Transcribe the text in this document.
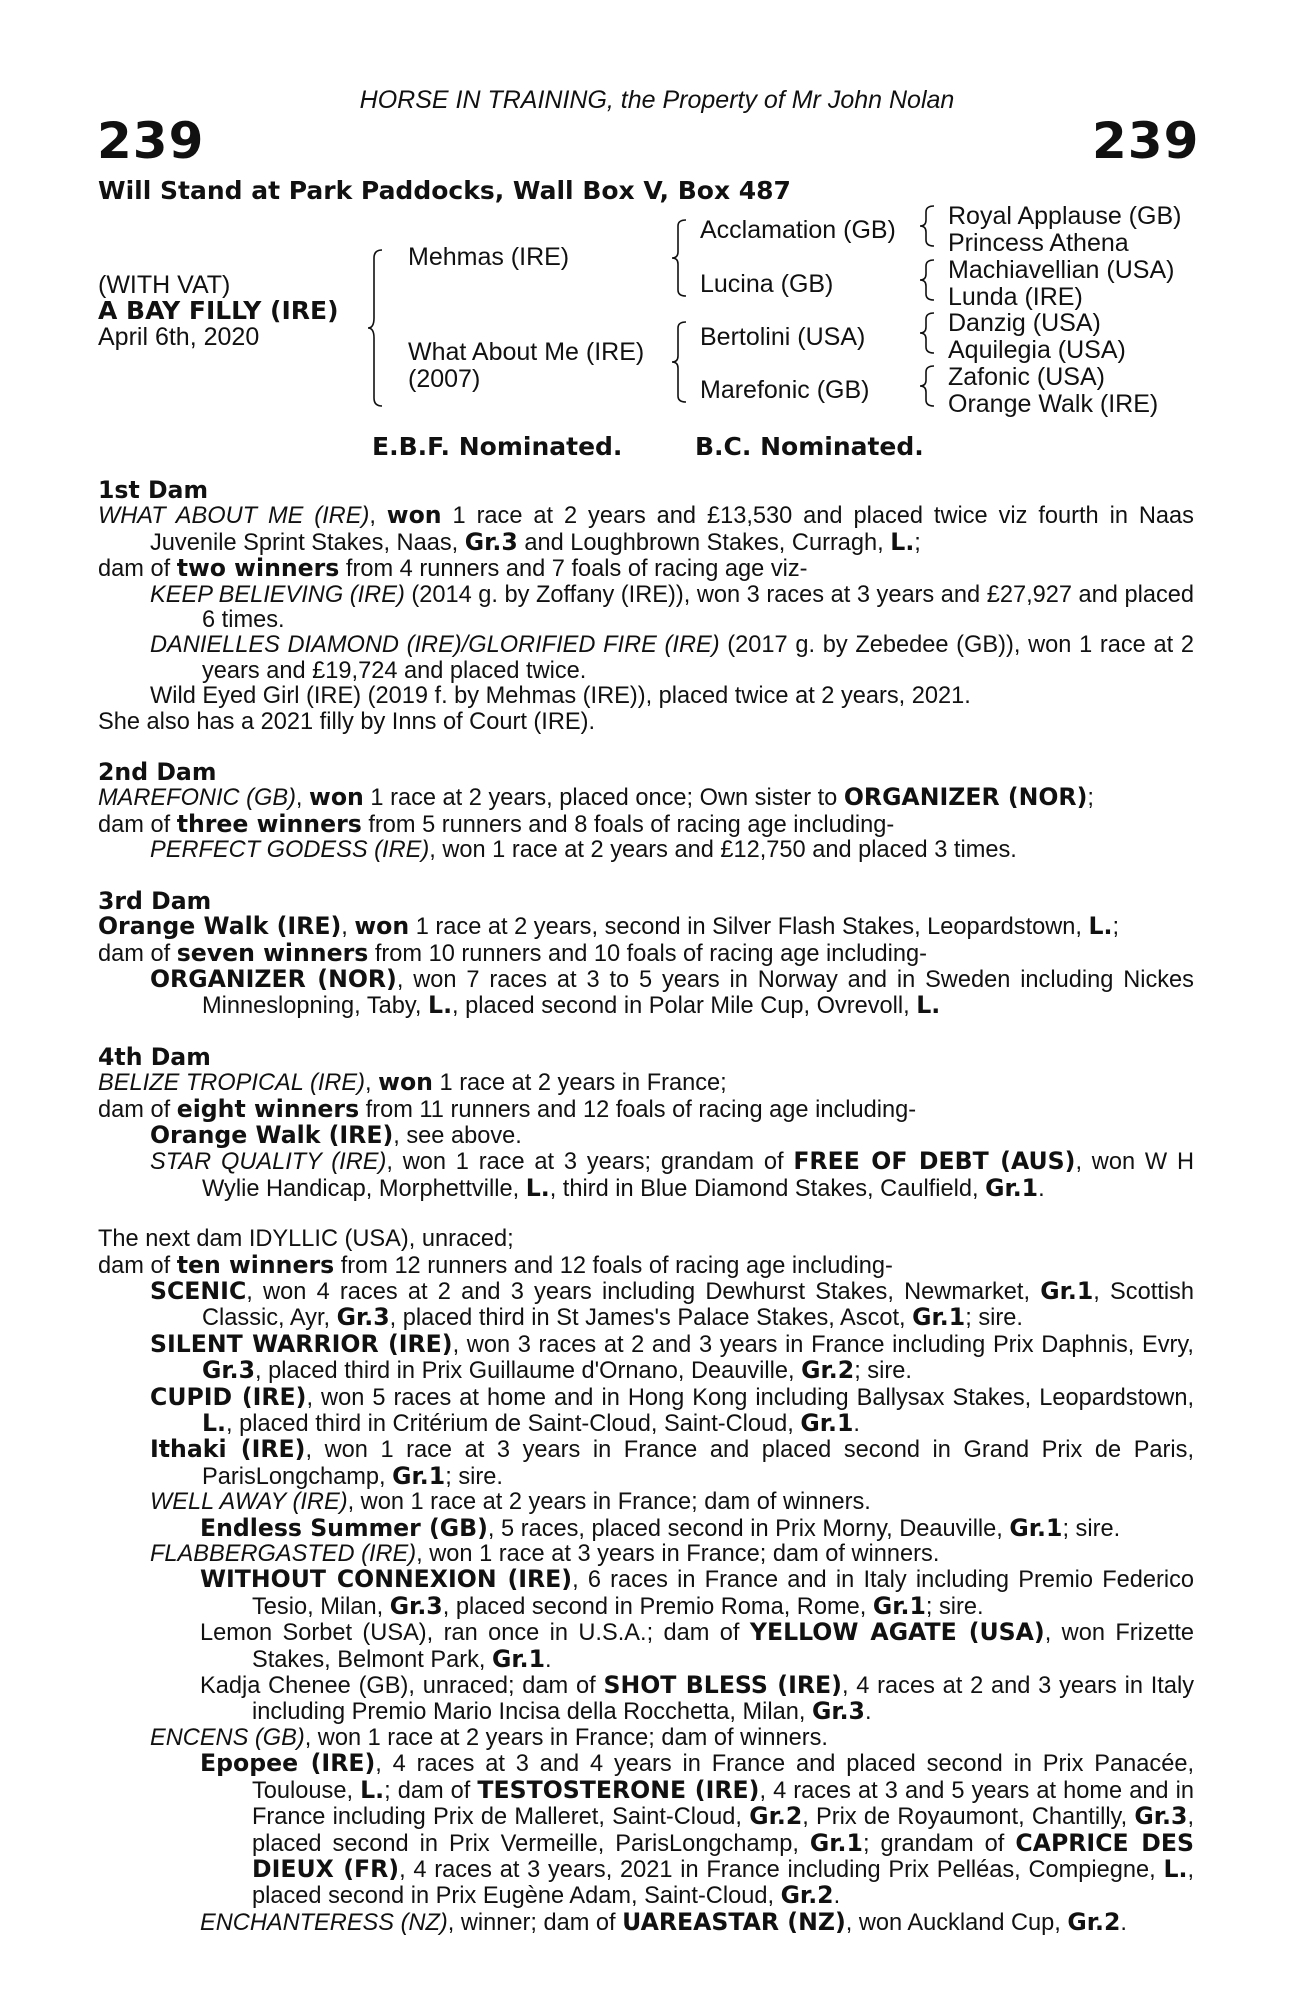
HORSE IN TRAINING, the Property of Mr John Nolan
239	239
Will Stand at Park Paddocks, Wall Box V, Box 487
(WITH VAT)
A BAY FILLY (IRE)
April 6th, 2020
Mehmas (IRE)
What About Me (IRE)
(2007)
Acclamation (GB)
Lucina (GB)
Bertolini (USA)
Marefonic (GB)
Royal Applause (GB)
Princess Athena
Machiavellian (USA)
Lunda (IRE)
Danzig (USA)
Aquilegia (USA)
Zafonic (USA)
Orange Walk (IRE)
E.B.F. Nominated.	B.C. Nominated.

1st Dam

WHAT ABOUT ME (IRE), won 1 race at 2 years and £13,530 and placed twice viz fourth in Naas Juvenile Sprint Stakes, Naas, Gr.3 and Loughbrown Stakes, Curragh, L.;

dam of two winners from 4 runners and 7 foals of racing age viz-

KEEP BELIEVING (IRE) (2014 g. by Zoffany (IRE)), won 3 races at 3 years and £27,927 and placed 6 times.

DANIELLES DIAMOND (IRE)/GLORIFIED FIRE (IRE) (2017 g. by Zebedee (GB)), won 1 race at 2 years and £19,724 and placed twice.

Wild Eyed Girl (IRE) (2019 f. by Mehmas (IRE)), placed twice at 2 years, 2021.

She also has a 2021 filly by Inns of Court (IRE).

2nd Dam

MAREFONIC (GB), won 1 race at 2 years, placed once; Own sister to ORGANIZER (NOR);

dam of three winners from 5 runners and 8 foals of racing age including-

PERFECT GODESS (IRE), won 1 race at 2 years and £12,750 and placed 3 times.

3rd Dam

Orange Walk (IRE), won 1 race at 2 years, second in Silver Flash Stakes, Leopardstown, L.;

dam of seven winners from 10 runners and 10 foals of racing age including-

ORGANIZER (NOR), won 7 races at 3 to 5 years in Norway and in Sweden including Nickes Minneslopning, Taby, L., placed second in Polar Mile Cup, Ovrevoll, L.

4th Dam

BELIZE TROPICAL (IRE), won 1 race at 2 years in France;

dam of eight winners from 11 runners and 12 foals of racing age including-

Orange Walk (IRE), see above.

STAR QUALITY (IRE), won 1 race at 3 years; grandam of FREE OF DEBT (AUS), won W H Wylie Handicap, Morphettville, L., third in Blue Diamond Stakes, Caulfield, Gr.1.

The next dam IDYLLIC (USA), unraced;

dam of ten winners from 12 runners and 12 foals of racing age including-

SCENIC, won 4 races at 2 and 3 years including Dewhurst Stakes, Newmarket, Gr.1, Scottish Classic, Ayr, Gr.3, placed third in St James's Palace Stakes, Ascot, Gr.1; sire.

SILENT WARRIOR (IRE), won 3 races at 2 and 3 years in France including Prix Daphnis, Evry, Gr.3, placed third in Prix Guillaume d'Ornano, Deauville, Gr.2; sire.

CUPID (IRE), won 5 races at home and in Hong Kong including Ballysax Stakes, Leopardstown, L., placed third in Critérium de Saint-Cloud, Saint-Cloud, Gr.1.

Ithaki (IRE), won 1 race at 3 years in France and placed second in Grand Prix de Paris, ParisLongchamp, Gr.1; sire.

WELL AWAY (IRE), won 1 race at 2 years in France; dam of winners.

Endless Summer (GB), 5 races, placed second in Prix Morny, Deauville, Gr.1; sire.

FLABBERGASTED (IRE), won 1 race at 3 years in France; dam of winners.

WITHOUT CONNEXION (IRE), 6 races in France and in Italy including Premio Federico Tesio, Milan, Gr.3, placed second in Premio Roma, Rome, Gr.1; sire.

Lemon Sorbet (USA), ran once in U.S.A.; dam of YELLOW AGATE (USA), won Frizette Stakes, Belmont Park, Gr.1.

Kadja Chenee (GB), unraced; dam of SHOT BLESS (IRE), 4 races at 2 and 3 years in Italy including Premio Mario Incisa della Rocchetta, Milan, Gr.3.

ENCENS (GB), won 1 race at 2 years in France; dam of winners.

Epopee (IRE), 4 races at 3 and 4 years in France and placed second in Prix Panacée, Toulouse, L.; dam of TESTOSTERONE (IRE), 4 races at 3 and 5 years at home and in France including Prix de Malleret, Saint-Cloud, Gr.2, Prix de Royaumont, Chantilly, Gr.3, placed second in Prix Vermeille, ParisLongchamp, Gr.1; grandam of CAPRICE DES DIEUX (FR), 4 races at 3 years, 2021 in France including Prix Pelléas, Compiegne, L., placed second in Prix Eugène Adam, Saint-Cloud, Gr.2.

ENCHANTERESS (NZ), winner; dam of UAREASTAR (NZ), won Auckland Cup, Gr.2.
